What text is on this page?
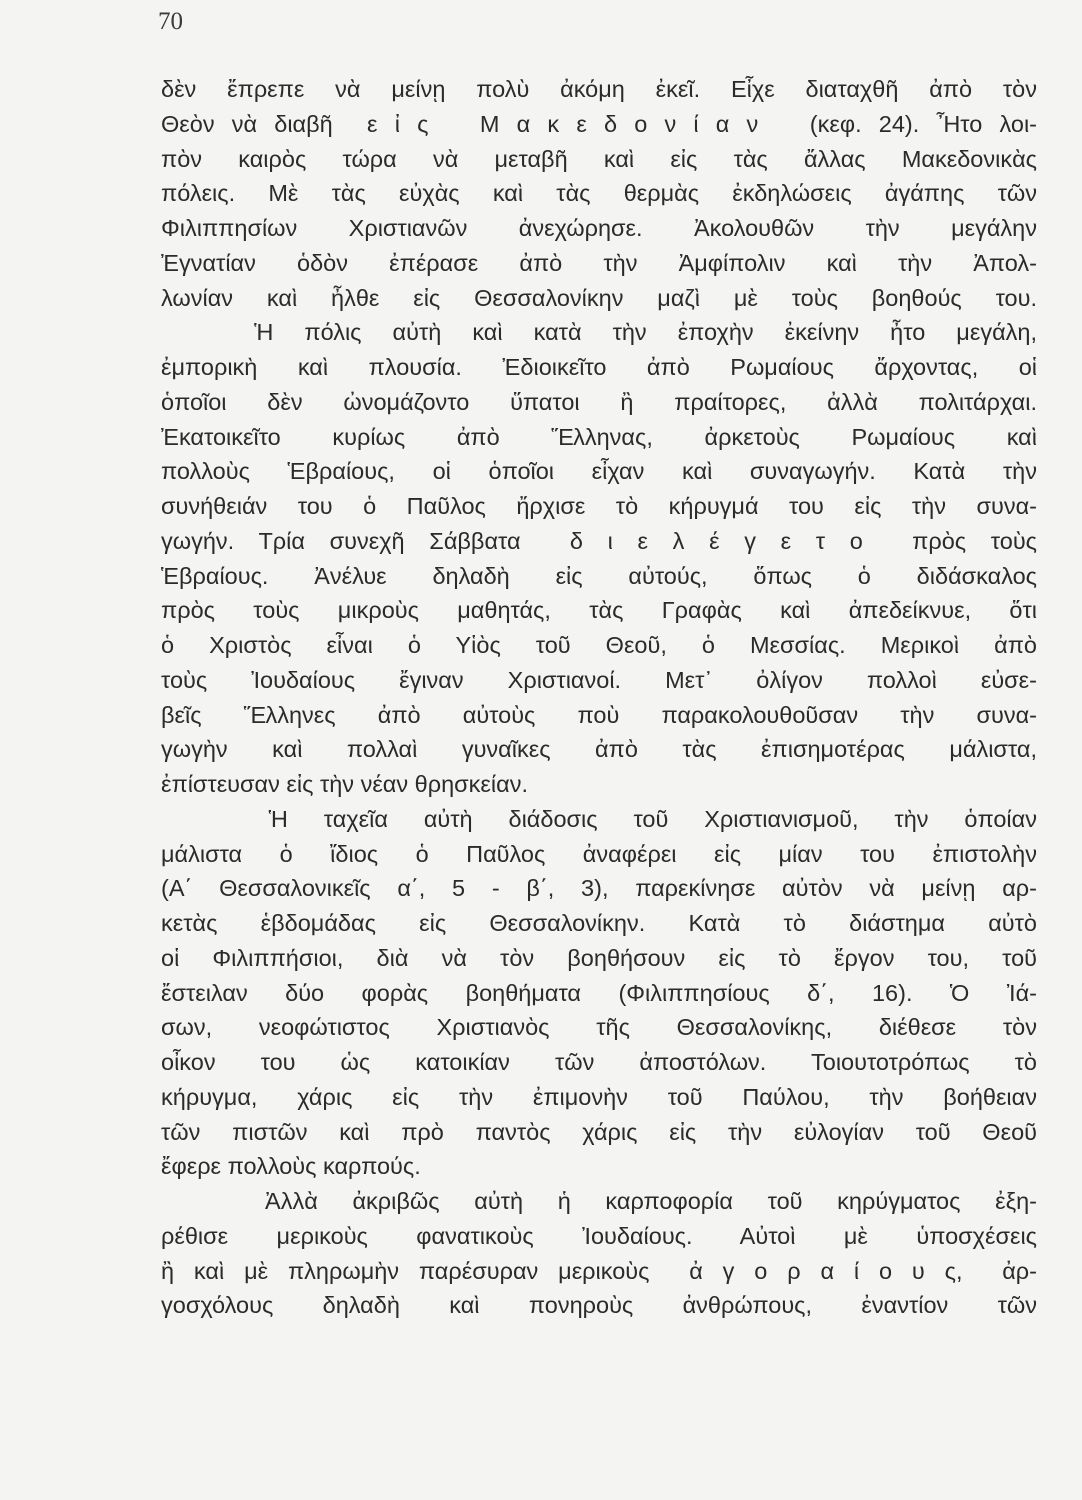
70
δὲν ἔπρεπε νὰ μείνῃ πολὺ ἀκόμη ἐκεῖ. Εἶχε διαταχθῆ ἀπὸ τὸν
Θεὸν νὰ διαβῆ  ε ἰ ς   Μ α κ ε δ ο ν ί α ν   (κεφ. 24). Ἦτο λοι-
πὸν καιρὸς τώρα νὰ μεταβῆ καὶ εἰς τὰς ἄλλας Μακεδονικὰς
πόλεις. Μὲ τὰς εὐχὰς καὶ τὰς θερμὰς ἐκδηλώσεις ἀγάπης τῶν
Φιλιππησίων Χριστιανῶν ἀνεχώρησε. Ἀκολουθῶν τὴν μεγάλην
Ἐγνατίαν ὁδὸν ἐπέρασε ἀπὸ τὴν Ἀμφίπολιν καὶ τὴν Ἀπολ-
λωνίαν καὶ ἦλθε εἰς Θεσσαλονίκην μαζὶ μὲ τοὺς βοηθούς του.
Ἡ πόλις αὐτὴ καὶ κατὰ τὴν ἐποχὴν ἐκείνην ἦτο μεγάλη,
ἐμπορικὴ καὶ πλουσία. Ἐδιοικεῖτο ἀπὸ Ρωμαίους ἄρχοντας, οἱ
ὁποῖοι δὲν ὠνομάζοντο ὕπατοι ἢ πραίτορες, ἀλλὰ πολιτάρχαι.
Ἐκατοικεῖτο κυρίως ἀπὸ Ἕλληνας, ἀρκετοὺς Ρωμαίους καὶ
πολλοὺς Ἑβραίους, οἱ ὁποῖοι εἶχαν καὶ συναγωγήν. Κατὰ τὴν
συνήθειάν του ὁ Παῦλος ἤρχισε τὸ κήρυγμά του εἰς τὴν συνα-
γωγήν. Τρία συνεχῆ Σάββατα  δ ι ε λ έ γ ε τ ο  πρὸς τοὺς
Ἑβραίους. Ἀνέλυε δηλαδὴ εἰς αὐτούς, ὅπως ὁ διδάσκαλος
πρὸς τοὺς μικροὺς μαθητάς, τὰς Γραφὰς καὶ ἀπεδείκνυε, ὅτι
ὁ Χριστὸς εἶναι ὁ Υἱὸς τοῦ Θεοῦ, ὁ Μεσσίας. Μερικοὶ ἀπὸ
τοὺς Ἰουδαίους ἔγιναν Χριστιανοί. Μετ᾽ ὀλίγον πολλοὶ εὐσε-
βεῖς Ἕλληνες ἀπὸ αὐτοὺς ποὺ παρακολουθοῦσαν τὴν συνα-
γωγὴν καὶ πολλαὶ γυναῖκες ἀπὸ τὰς ἐπισημοτέρας μάλιστα,
ἐπίστευσαν εἰς τὴν νέαν θρησκείαν.
Ἡ ταχεῖα αὐτὴ διάδοσις τοῦ Χριστιανισμοῦ, τὴν ὁποίαν
μάλιστα ὁ ἴδιος ὁ Παῦλος ἀναφέρει εἰς μίαν του ἐπιστολὴν
(Α΄ Θεσσαλονικεῖς α΄, 5 - β΄, 3), παρεκίνησε αὐτὸν νὰ μείνῃ αρ-
κετὰς ἑβδομάδας εἰς Θεσσαλονίκην. Κατὰ τὸ διάστημα αὐτὸ
οἱ Φιλιππήσιοι, διὰ νὰ τὸν βοηθήσουν εἰς τὸ ἔργον του, τοῦ
ἔστειλαν δύο φορὰς βοηθήματα (Φιλιππησίους δ΄, 16). Ὁ Ἰά-
σων, νεοφώτιστος Χριστιανὸς τῆς Θεσσαλονίκης, διέθεσε τὸν
οἶκον του ὡς κατοικίαν τῶν ἀποστόλων. Τοιουτοτρόπως τὸ
κήρυγμα, χάρις εἰς τὴν ἐπιμονὴν τοῦ Παύλου, τὴν βοήθειαν
τῶν πιστῶν καὶ πρὸ παντὸς χάρις εἰς τὴν εὐλογίαν τοῦ Θεοῦ
ἔφερε πολλοὺς καρπούς.
Ἀλλὰ ἀκριβῶς αὐτὴ ἡ καρποφορία τοῦ κηρύγματος ἐξη-
ρέθισε μερικοὺς φανατικοὺς Ἰουδαίους. Αὐτοὶ μὲ ὑποσχέσεις
ἢ καὶ μὲ πληρωμὴν παρέσυραν μερικοὺς  ἀ γ ο ρ α ί ο υ ς,  ἀρ-
γοσχόλους δηλαδὴ καὶ πονηροὺς ἀνθρώπους, ἐναντίον τῶν
